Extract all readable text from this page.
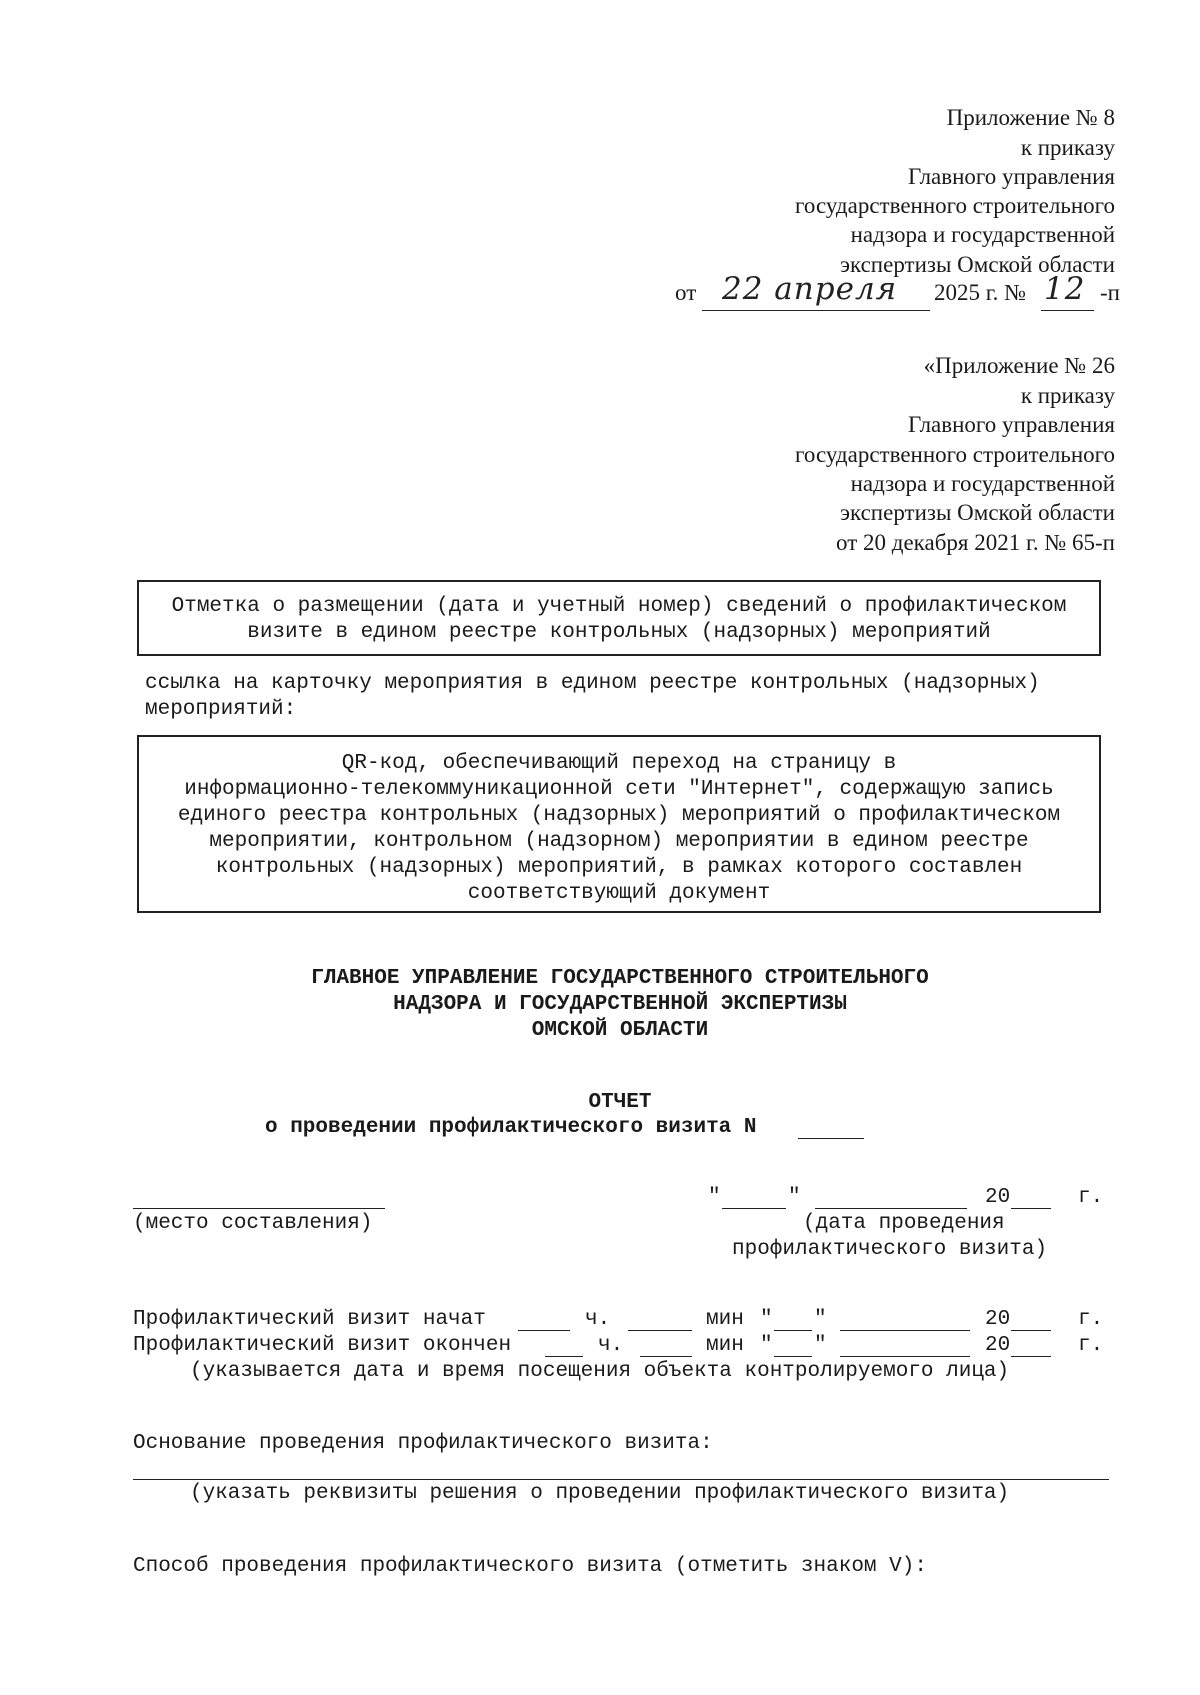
Приложение № 8
к приказу
Главного управления
государственного строительного
надзора и государственной
экспертизы Омской области
от 22 апреля 2025 г. № 12 -п
«Приложение № 26
к приказу
Главного управления
государственного строительного
надзора и государственной
экспертизы Омской области
от 20 декабря 2021 г. № 65-п
Отметка о размещении (дата и учетный номер) сведений о профилактическом
визите в едином реестре контрольных (надзорных) мероприятий
ссылка на карточку мероприятия в едином реестре контрольных (надзорных)
мероприятий:
QR-код, обеспечивающий переход на страницу в
информационно-телекоммуникационной сети "Интернет", содержащую запись
единого реестра контрольных (надзорных) мероприятий о профилактическом
мероприятии, контрольном (надзорном) мероприятии в едином реестре
контрольных (надзорных) мероприятий, в рамках которого составлен
соответствующий документ
ГЛАВНОЕ УПРАВЛЕНИЕ ГОСУДАРСТВЕННОГО СТРОИТЕЛЬНОГО
НАДЗОРА И ГОСУДАРСТВЕННОЙ ЭКСПЕРТИЗЫ
ОМСКОЙ ОБЛАСТИ
ОТЧЕТ
о проведении профилактического визита N
(место составления)
"	"	20	г.
(дата проведения
профилактического визита)
Профилактический визит начат	ч.	мин " "	20	г.
Профилактический визит окончен	ч.	мин " "	20	г.
(указывается дата и время посещения объекта контролируемого лица)
Основание проведения профилактического визита:
(указать реквизиты решения о проведении профилактического визита)
Способ проведения профилактического визита (отметить знаком V):
